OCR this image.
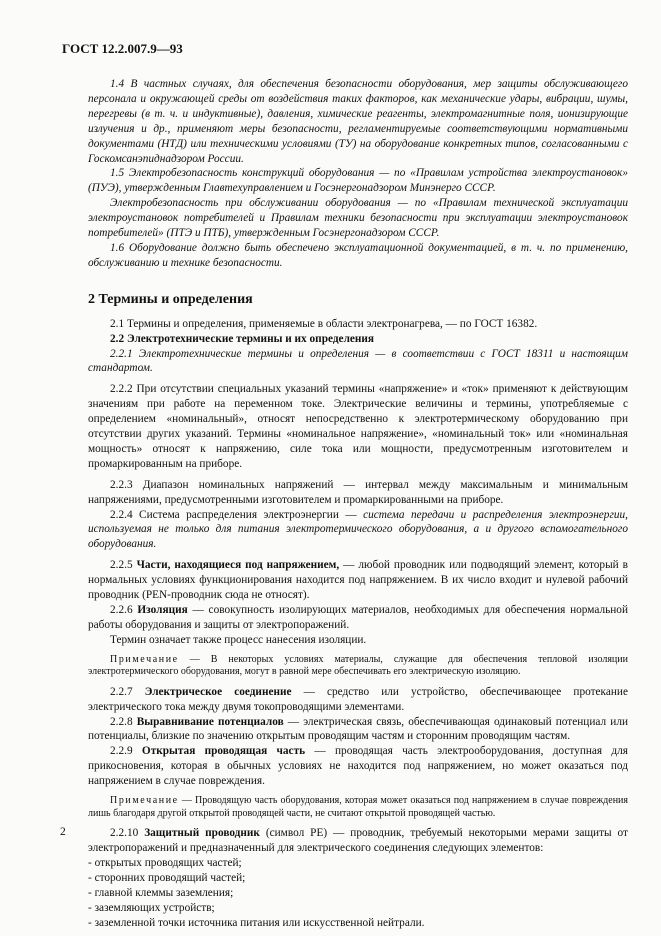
ГОСТ 12.2.007.9—93

1.4 В частных случаях, для обеспечения безопасности оборудования, мер защиты обслуживающего персонала и окружающей среды от воздействия таких факторов, как механические удары, вибрации, шумы, перегревы (в т. ч. и индуктивные), давления, химические реагенты, электромагнитные поля, ионизирующие излучения и др., применяют меры безопасности, регламентируемые соответствующими нормативными документами (НТД) или техническими условиями (ТУ) на оборудование конкретных типов, согласованными с Госкомсанэпиднадзором России.

1.5 Электробезопасность конструкций оборудования — по «Правилам устройства электроустановок» (ПУЭ), утвержденным Главтехуправлением и Госэнергонадзором Минэнерго СССР.

Электробезопасность при обслуживании оборудования — по «Правилам технической эксплуатации электроустановок потребителей и Правилам техники безопасности при эксплуатации электроустановок потребителей» (ПТЭ и ПТБ), утвержденным Госэнергонадзором СССР.

1.6 Оборудование должно быть обеспечено эксплуатационной документацией, в т. ч. по применению, обслуживанию и технике безопасности.

2 Термины и определения

2.1 Термины и определения, применяемые в области электронагрева, — по ГОСТ 16382.

2.2 Электротехнические термины и их определения

2.2.1 Электротехнические термины и определения — в соответствии с ГОСТ 18311 и настоящим стандартом.

2.2.2 При отсутствии специальных указаний термины «напряжение» и «ток» применяют к действующим значениям при работе на переменном токе. Электрические величины и термины, употребляемые с определением «номинальный», относят непосредственно к электротермическому оборудованию при отсутствии других указаний. Термины «номинальное напряжение», «номинальный ток» или «номинальная мощность» относят к напряжению, силе тока или мощности, предусмотренным изготовителем и промаркированным на приборе.

2.2.3 Диапазон номинальных напряжений — интервал между максимальным и минимальным напряжениями, предусмотренными изготовителем и промаркированными на приборе.

2.2.4 Система распределения электроэнергии — система передачи и распределения электроэнергии, используемая не только для питания электротермического оборудования, а и другого вспомогательного оборудования.

2.2.5 Части, находящиеся под напряжением, — любой проводник или подводящий элемент, который в нормальных условиях функционирования находится под напряжением. В их число входит и нулевой рабочий проводник (PEN-проводник сюда не относят).

2.2.6 Изоляция — совокупность изолирующих материалов, необходимых для обеспечения нормальной работы оборудования и защиты от электропоражений.

Термин означает также процесс нанесения изоляции.

Примечание — В некоторых условиях материалы, служащие для обеспечения тепловой изоляции электротермического оборудования, могут в равной мере обеспечивать его электрическую изоляцию.

2.2.7 Электрическое соединение — средство или устройство, обеспечивающее протекание электрического тока между двумя токопроводящими элементами.

2.2.8 Выравнивание потенциалов — электрическая связь, обеспечивающая одинаковый потенциал или потенциалы, близкие по значению открытым проводящим частям и сторонним проводящим частям.

2.2.9 Открытая проводящая часть — проводящая часть электрооборудования, доступная для прикосновения, которая в обычных условиях не находится под напряжением, но может оказаться под напряжением в случае повреждения.

Примечание — Проводящую часть оборудования, которая может оказаться под напряжением в случае повреждения лишь благодаря другой открытой проводящей части, не считают открытой проводящей частью.

2.2.10 Защитный проводник (символ PE) — проводник, требуемый некоторыми мерами защиты от электропоражений и предназначенный для электрического соединения следующих элементов:

- открытых проводящих частей;
- сторонних проводящий частей;
- главной клеммы заземления;
- заземляющих устройств;
- заземленной точки источника питания или искусственной нейтрали.
2
